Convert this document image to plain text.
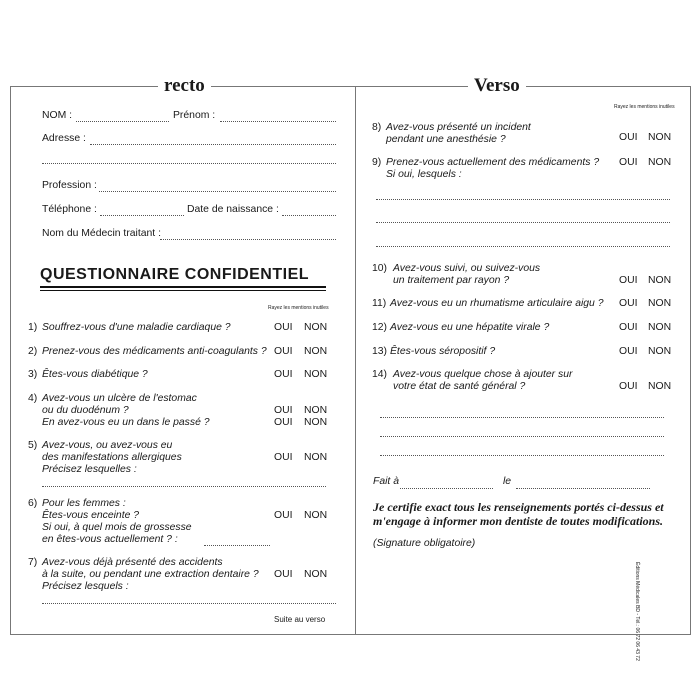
recto	Verso
NOM :	Prénom :
Adresse :
Profession :
Téléphone :	Date de naissance :
Nom du Médecin traitant :
QUESTIONNAIRE CONFIDENTIEL
Rayez les mentions inutiles
1) Souffrez-vous d'une maladie cardiaque ?	OUI NON
2) Prenez-vous des médicaments anti-coagulants ? OUI NON
3) Êtes-vous diabétique ?	OUI NON
4) Avez-vous un ulcère de l'estomac
ou du duodénum ?
En avez-vous eu un dans le passé ?
OUI NON
OUI NON
5) Avez-vous, ou avez-vous eu
des manifestations allergiques
Précisez lesquelles :
OUI NON
6) Pour les femmes :
Êtes-vous enceinte ?
Si oui, à quel mois de grossesse
en êtes-vous actuellement ? :
OUI NON
7) Avez-vous déjà présenté des accidents
à la suite, ou pendant une extraction dentaire ?
Précisez lesquels :
OUI NON
Suite au verso
Rayez les mentions inutiles
8) Avez-vous présenté un incident
pendant une anesthésie ?	OUI NON
9) Prenez-vous actuellement des médicaments ?
Si oui, lesquels :
OUI NON
10) Avez-vous suivi, ou suivez-vous
un traitement par rayon ?	OUI NON
11) Avez-vous eu un rhumatisme articulaire aigu ? OUI NON
12) Avez-vous eu une hépatite virale ?	OUI NON
13) Êtes-vous séropositif ?	OUI NON
14) Avez-vous quelque chose à ajouter sur
votre état de santé général ?	OUI NON
Fait à	le
Je certifie exact tous les renseignements portés ci-dessus et
m'engage à informer mon dentiste de toutes modifications.
(Signature obligatoire)
Éditions Médicales BD - Tél.: 06 72 06 43 72
